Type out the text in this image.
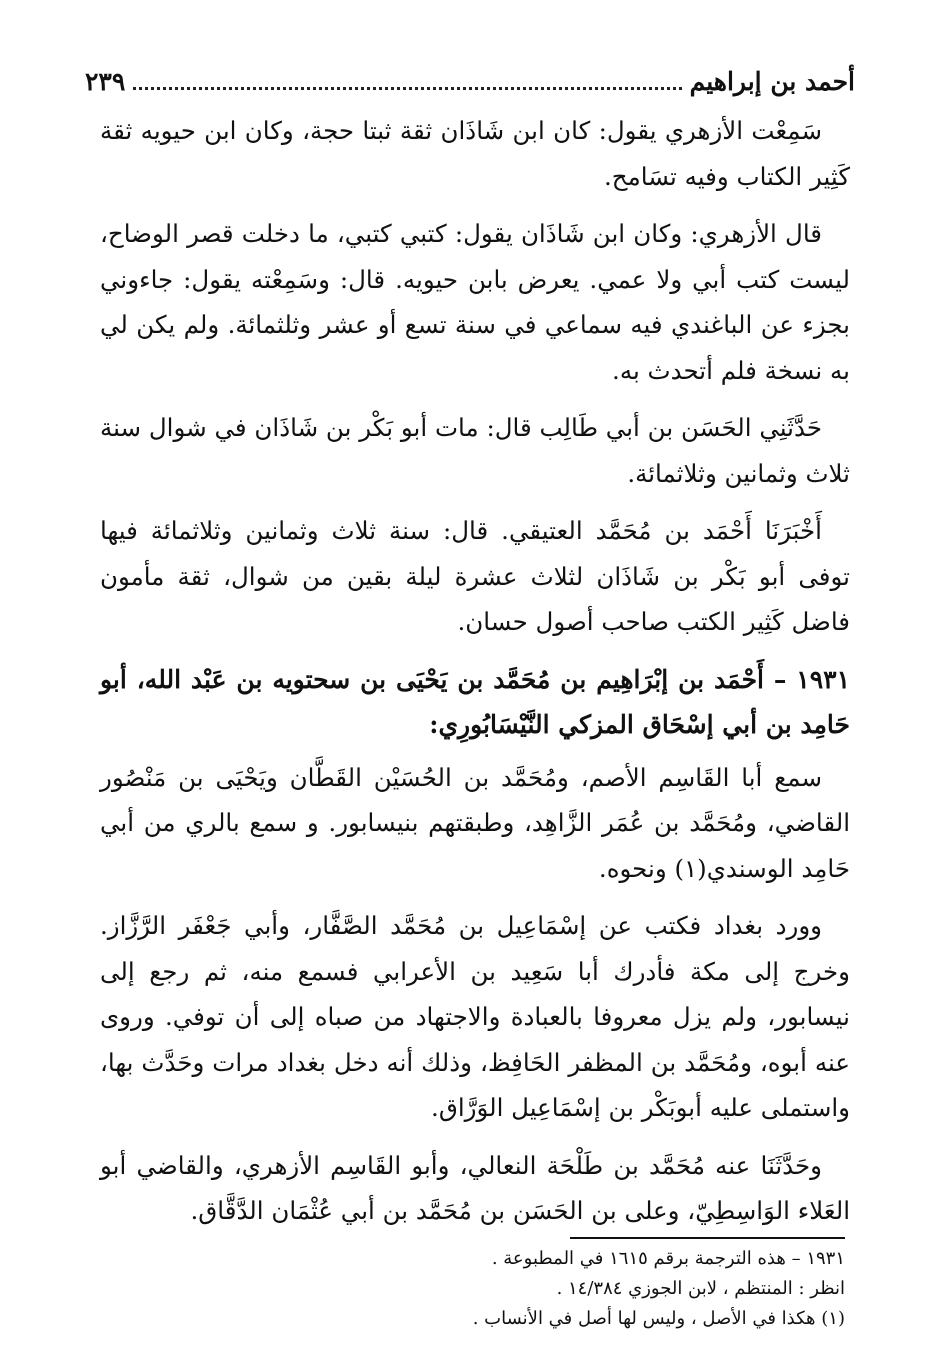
أحمد بن إبراهيم
٢٣٩

سَمِعْت الأزهري يقول: كان ابن شَاذَان ثقة ثبتا حجة، وكان ابن حيويه ثقة كَثِير الكتاب وفيه تسَامح.

قال الأزهري: وكان ابن شَاذَان يقول: كتبي كتبي، ما دخلت قصر الوضاح، ليست كتب أبي ولا عمي. يعرض بابن حيويه. قال: وسَمِعْته يقول: جاءوني بجزء عن الباغندي فيه سماعي في سنة تسع أو عشر وثلثمائة. ولم يكن لي به نسخة فلم أتحدث به.

حَدَّثَنِي الحَسَن بن أبي طَالِب قال: مات أبو بَكْر بن شَاذَان في شوال سنة ثلاث وثمانين وثلاثمائة.

أَخْبَرَنَا أَحْمَد بن مُحَمَّد العتيقي. قال: سنة ثلاث وثمانين وثلاثمائة فيها توفى أبو بَكْر بن شَاذَان لثلاث عشرة ليلة بقين من شوال، ثقة مأمون فاضل كَثِير الكتب صاحب أصول حسان.

١٩٣١ – أَحْمَد بن إبْرَاهِيم بن مُحَمَّد بن يَحْيَى بن سحتويه بن عَبْد الله، أبو حَامِد بن أبي إسْحَاق المزكي النَّيْسَابُورِي:

سمع أبا القَاسِم الأصم، ومُحَمَّد بن الحُسَيْن القَطَّان ويَحْيَى بن مَنْصُور القاضي، ومُحَمَّد بن عُمَر الزَّاهِد، وطبقتهم بنيسابور. و سمع بالري من أبي حَامِد الوسندي(١) ونحوه.

وورد بغداد فكتب عن إسْمَاعِيل بن مُحَمَّد الصَّفَّار، وأبي جَعْفَر الرَّزَّاز. وخرج إلى مكة فأدرك أبا سَعِيد بن الأعرابي فسمع منه، ثم رجع إلى نيسابور، ولم يزل معروفا بالعبادة والاجتهاد من صباه إلى أن توفي. وروى عنه أبوه، ومُحَمَّد بن المظفر الحَافِظ، وذلك أنه دخل بغداد مرات وحَدَّث بها، واستملى عليه أبوبَكْر بن إسْمَاعِيل الوَرَّاق.

وحَدَّثَنَا عنه مُحَمَّد بن طَلْحَة النعالي، وأبو القَاسِم الأزهري، والقاضي أبو العَلاء الوَاسِطِيّ، وعلى بن الحَسَن بن مُحَمَّد بن أبي عُثْمَان الدَّقَّاق.

١٩٣١ – هذه الترجمة برقم ١٦١٥ في المطبوعة .
انظر : المنتظم ، لابن الجوزي ١٤/٣٨٤ .
(١) هكذا في الأصل ، وليس لها أصل في الأنساب .
